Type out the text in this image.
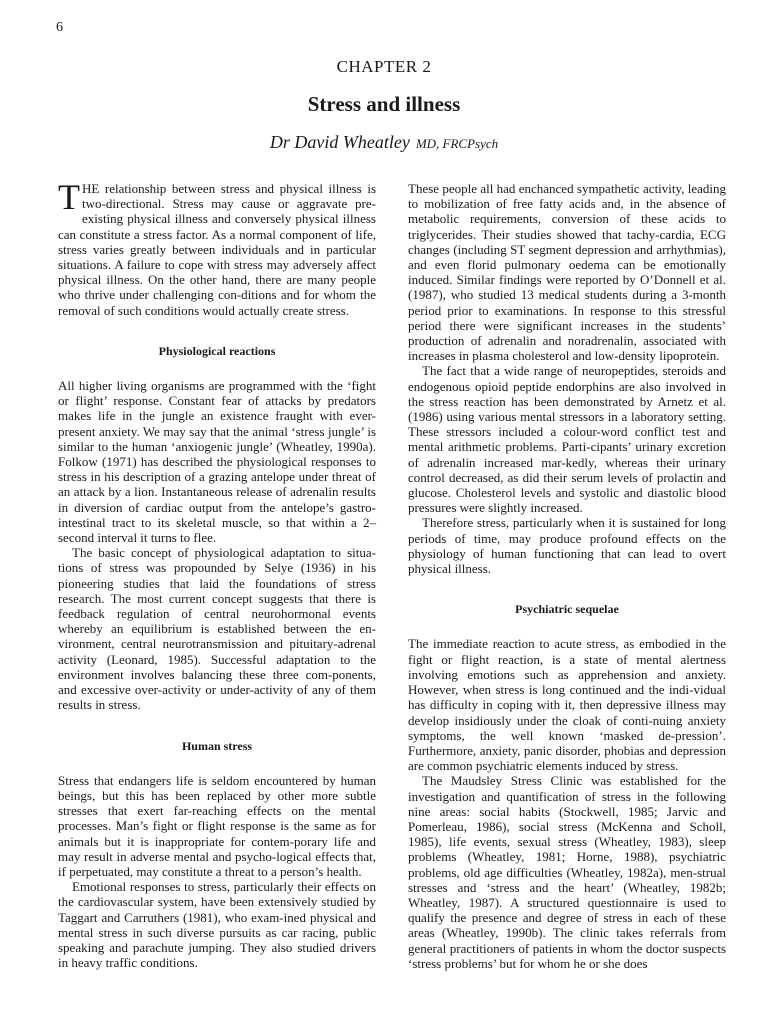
6
CHAPTER 2
Stress and illness
Dr David Wheatley MD, FRCPsych

THE relationship between stress and physical illness is two-directional. Stress may cause or aggravate pre-existing physical illness and conversely physical illness can constitute a stress factor. As a normal component of life, stress varies greatly between individuals and in particular situations. A failure to cope with stress may adversely affect physical illness. On the other hand, there are many people who thrive under challenging con-ditions and for whom the removal of such conditions would actually create stress.

Physiological reactions

All higher living organisms are programmed with the ‘fight or flight’ response. Constant fear of attacks by predators makes life in the jungle an existence fraught with ever-present anxiety. We may say that the animal ‘stress jungle’ is similar to the human ‘anxiogenic jungle’ (Wheatley, 1990a). Folkow (1971) has described the physiological responses to stress in his description of a grazing antelope under threat of an attack by a lion. Instantaneous release of adrenalin results in diversion of cardiac output from the antelope’s gastro-intestinal tract to its skeletal muscle, so that within a 2–second interval it turns to flee.

The basic concept of physiological adaptation to situa-tions of stress was propounded by Selye (1936) in his pioneering studies that laid the foundations of stress research. The most current concept suggests that there is feedback regulation of central neurohormonal events whereby an equilibrium is established between the en-vironment, central neurotransmission and pituitary-adrenal activity (Leonard, 1985). Successful adaptation to the environment involves balancing these three com-ponents, and excessive over-activity or under-activity of any of them results in stress.

Human stress

Stress that endangers life is seldom encountered by human beings, but this has been replaced by other more subtle stresses that exert far-reaching effects on the mental processes. Man’s fight or flight response is the same as for animals but it is inappropriate for contem-porary life and may result in adverse mental and psycho-logical effects that, if perpetuated, may constitute a threat to a person’s health.

Emotional responses to stress, particularly their effects on the cardiovascular system, have been extensively studied by Taggart and Carruthers (1981), who exam-ined physical and mental stress in such diverse pursuits as car racing, public speaking and parachute jumping. They also studied drivers in heavy traffic conditions.

These people all had enchanced sympathetic activity, leading to mobilization of free fatty acids and, in the absence of metabolic requirements, conversion of these acids to triglycerides. Their studies showed that tachy-cardia, ECG changes (including ST segment depression and arrhythmias), and even florid pulmonary oedema can be emotionally induced. Similar findings were reported by O’Donnell et al. (1987), who studied 13 medical students during a 3-month period prior to examinations. In response to this stressful period there were significant increases in the students’ production of adrenalin and noradrenalin, associated with increases in plasma cholesterol and low-density lipoprotein.

The fact that a wide range of neuropeptides, steroids and endogenous opioid peptide endorphins are also involved in the stress reaction has been demonstrated by Arnetz et al. (1986) using various mental stressors in a laboratory setting. These stressors included a colour-word conflict test and mental arithmetic problems. Parti-cipants’ urinary excretion of adrenalin increased mar-kedly, whereas their urinary control decreased, as did their serum levels of prolactin and glucose. Cholesterol levels and systolic and diastolic blood pressures were slightly increased.

Therefore stress, particularly when it is sustained for long periods of time, may produce profound effects on the physiology of human functioning that can lead to overt physical illness.

Psychiatric sequelae

The immediate reaction to acute stress, as embodied in the fight or flight reaction, is a state of mental alertness involving emotions such as apprehension and anxiety. However, when stress is long continued and the indi-vidual has difficulty in coping with it, then depressive illness may develop insidiously under the cloak of conti-nuing anxiety symptoms, the well known ‘masked de-pression’. Furthermore, anxiety, panic disorder, phobias and depression are common psychiatric elements induced by stress.

The Maudsley Stress Clinic was established for the investigation and quantification of stress in the following nine areas: social habits (Stockwell, 1985; Jarvic and Pomerleau, 1986), social stress (McKenna and Scholl, 1985), life events, sexual stress (Wheatley, 1983), sleep problems (Wheatley, 1981; Horne, 1988), psychiatric problems, old age difficulties (Wheatley, 1982a), men-strual stresses and ‘stress and the heart’ (Wheatley, 1982b; Wheatley, 1987). A structured questionnaire is used to qualify the presence and degree of stress in each of these areas (Wheatley, 1990b). The clinic takes referrals from general practitioners of patients in whom the doctor suspects ‘stress problems’ but for whom he or she does
